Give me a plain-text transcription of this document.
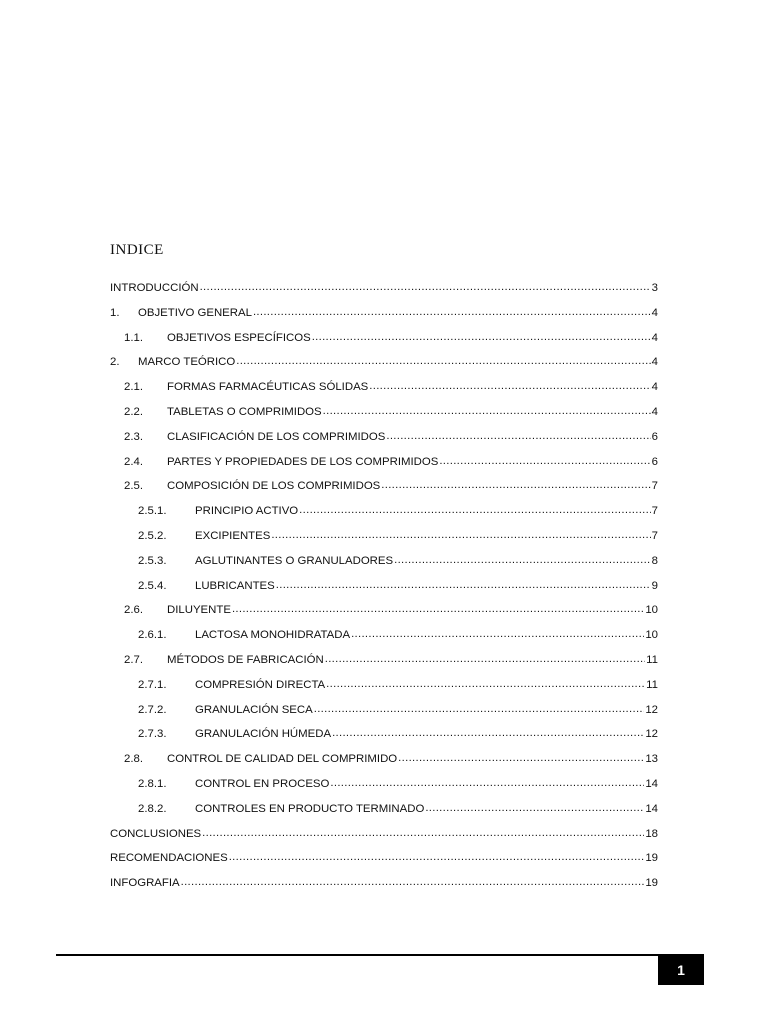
INDICE
INTRODUCCIÓN .....	3
1.	OBJETIVO GENERAL .....	4
1.1.	OBJETIVOS ESPECÍFICOS .....	4
2.	MARCO TEÓRICO .....	4
2.1.	FORMAS FARMACÉUTICAS SÓLIDAS .....	4
2.2.	TABLETAS O COMPRIMIDOS .....	4
2.3.	CLASIFICACIÓN DE LOS COMPRIMIDOS .....	6
2.4.	PARTES Y PROPIEDADES DE LOS COMPRIMIDOS .....	6
2.5.	COMPOSICIÓN DE LOS COMPRIMIDOS .....	7
2.5.1.	PRINCIPIO ACTIVO .....	7
2.5.2.	EXCIPIENTES .....	7
2.5.3.	AGLUTINANTES O GRANULADORES .....	8
2.5.4.	LUBRICANTES .....	9
2.6.	DILUYENTE .....	10
2.6.1.	LACTOSA MONOHIDRATADA .....	10
2.7.	MÉTODOS DE FABRICACIÓN .....	11
2.7.1.	COMPRESIÓN DIRECTA .....	11
2.7.2.	GRANULACIÓN SECA .....	12
2.7.3.	GRANULACIÓN HÚMEDA .....	12
2.8.	CONTROL DE CALIDAD DEL COMPRIMIDO .....	13
2.8.1.	CONTROL EN PROCESO .....	14
2.8.2.	CONTROLES EN PRODUCTO TERMINADO .....	14
CONCLUSIONES .....	18
RECOMENDACIONES .....	19
INFOGRAFIA .....	19
1
